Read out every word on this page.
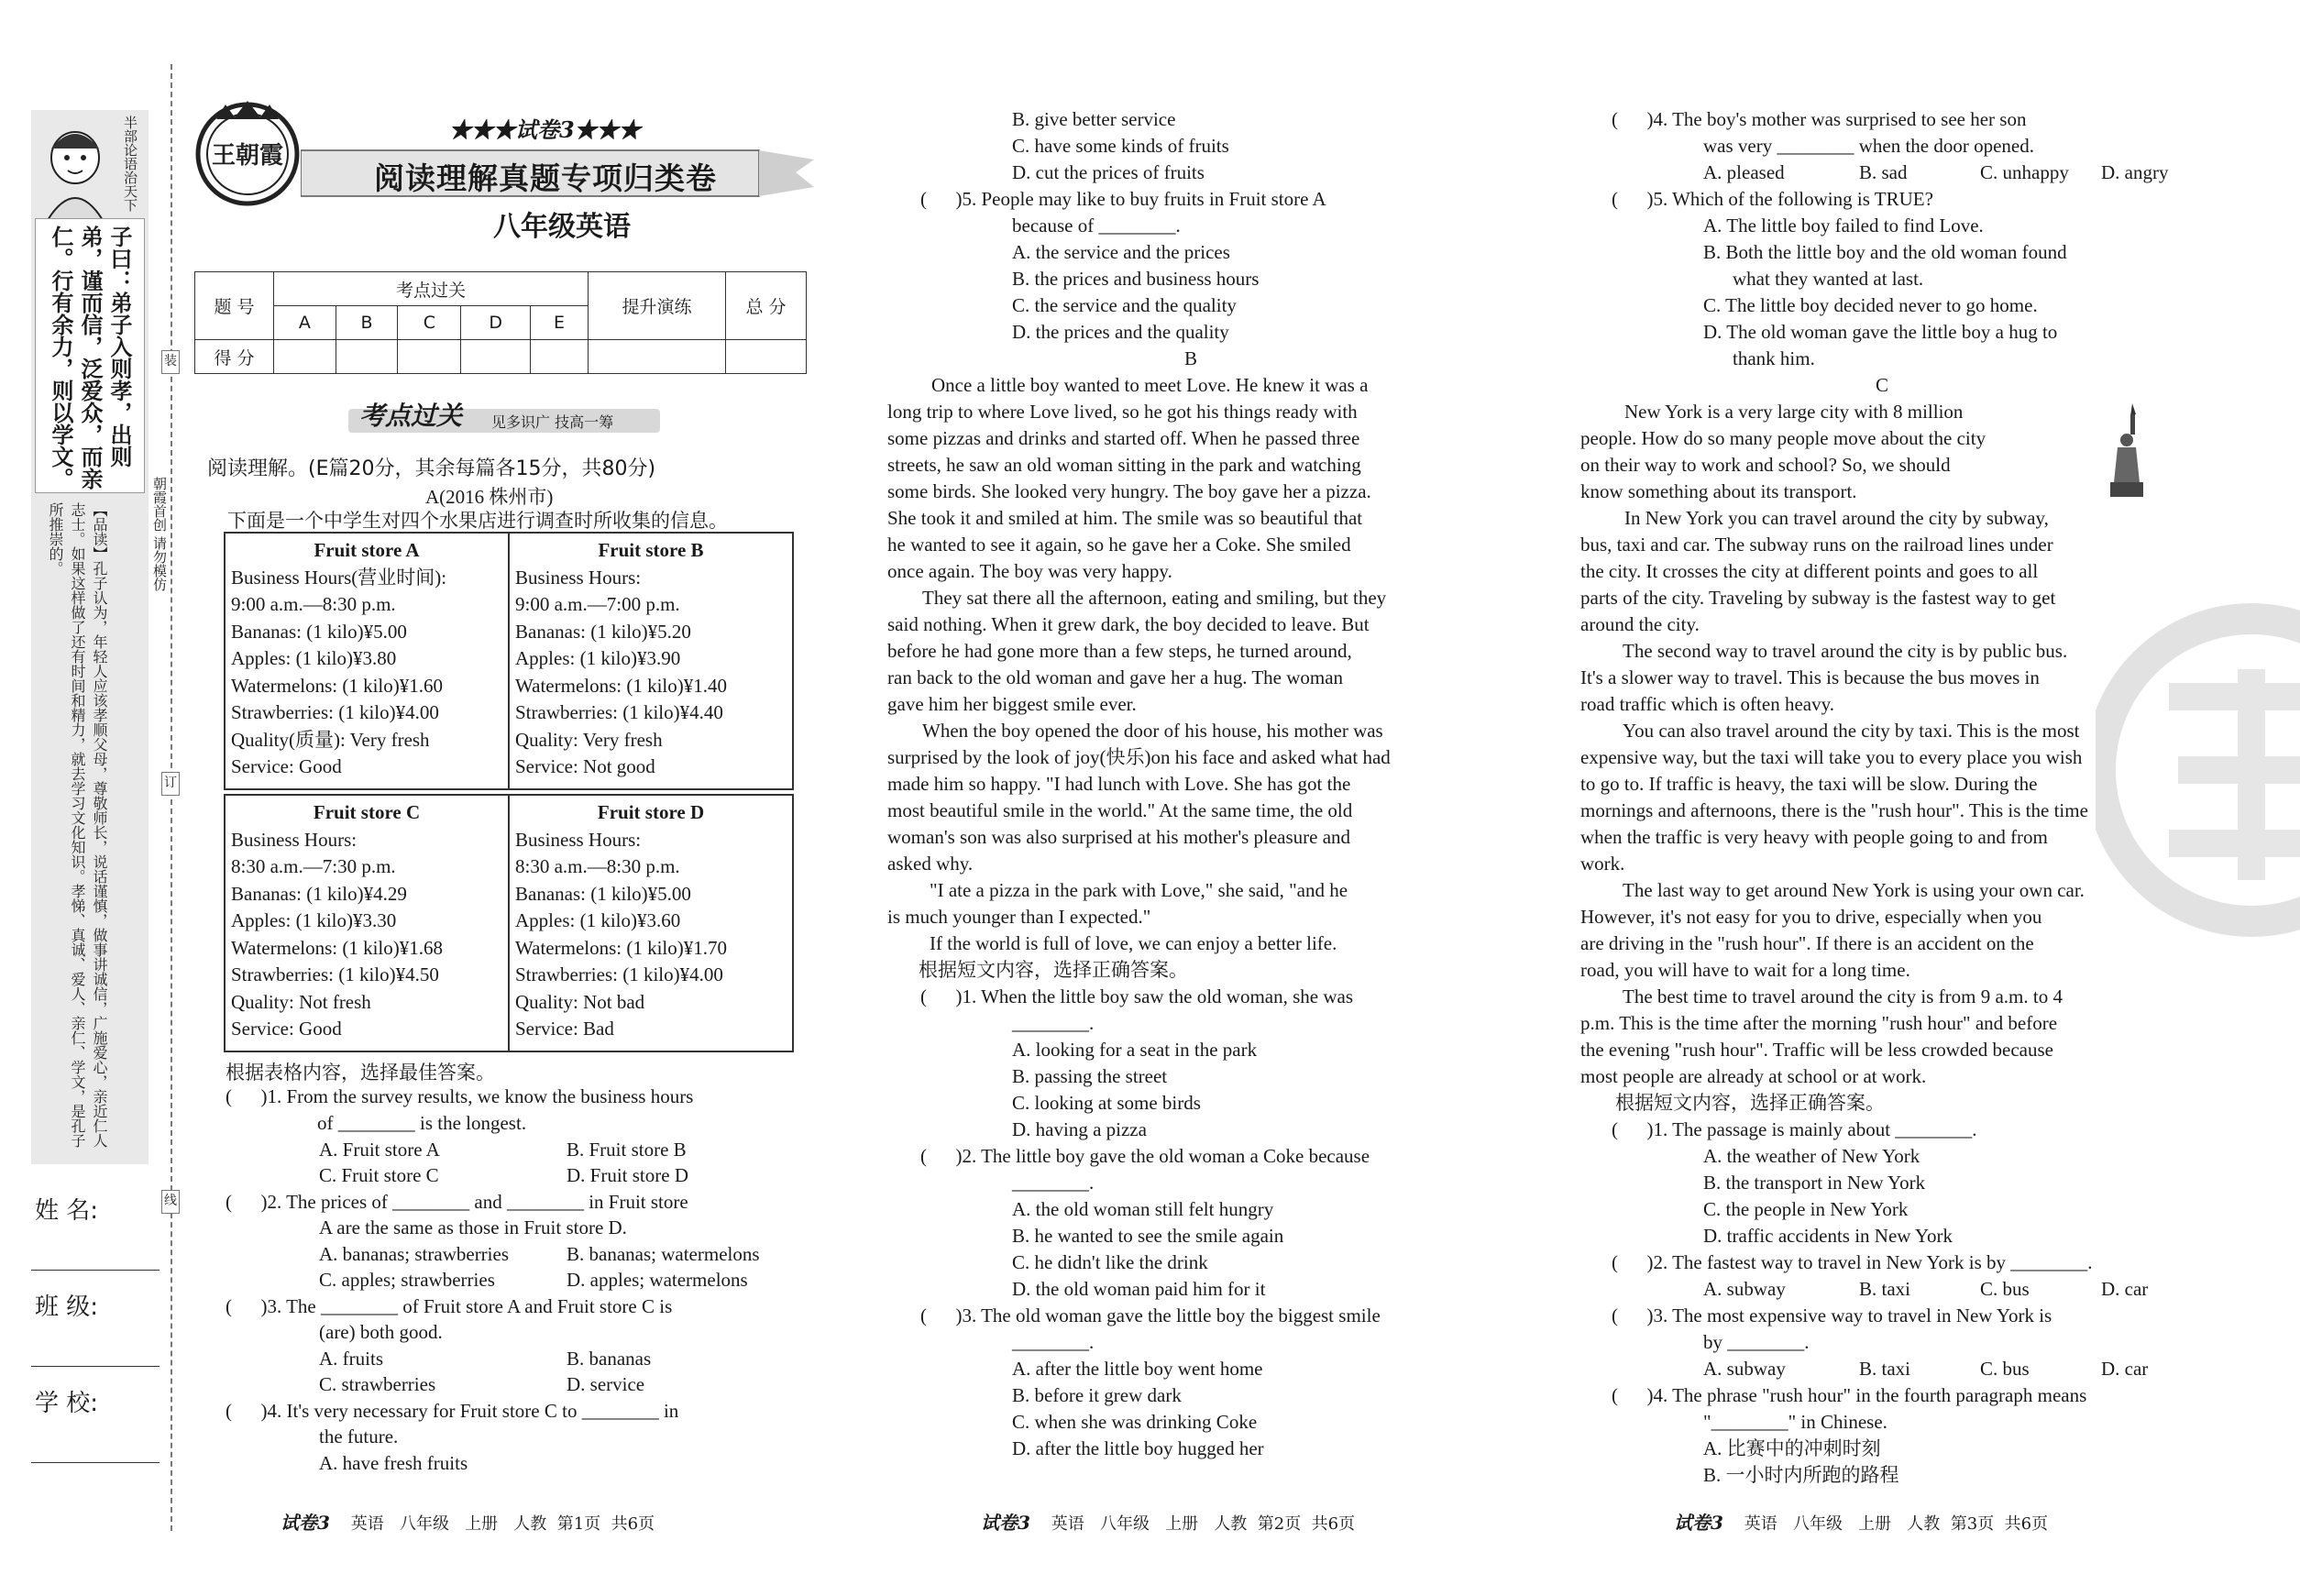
半部论语治天下
子曰：弟子入则孝，出则弟，谨而信，泛爱众，而亲仁。行有余力，则以学文。
【品读】孔子认为，年轻人应该孝顺父母，尊敬师长，说话谨慎，做事讲诚信，广施爱心，亲近仁人志士。如果这样做了还有时间和精力，就去学习文化知识。孝悌、真诚、爱人、亲仁、学文，是孔子所推崇的。
姓 名:
班 级:
学 校:
装
订
线
朝霞首创 请勿模仿
王朝霞
★★★试卷3★★★
阅读理解真题专项归类卷
八年级英语
题 号	考点过关					提升演练	总 分
	A	B	C	D	E		
得 分							
考点过关 见多识广 技高一筹
阅读理解。(E篇20分，其余每篇各15分，共80分)
A(2016 株州市)
下面是一个中学生对四个水果店进行调查时所收集的信息。
Fruit store A
Business Hours(营业时间):
9:00 a.m.—8:30 p.m.
Bananas: (1 kilo)¥5.00
Apples: (1 kilo)¥3.80
Watermelons: (1 kilo)¥1.60
Strawberries: (1 kilo)¥4.00
Quality(质量): Very fresh
Service: Good
Fruit store B
Business Hours:
9:00 a.m.—7:00 p.m.
Bananas: (1 kilo)¥5.20
Apples: (1 kilo)¥3.90
Watermelons: (1 kilo)¥1.40
Strawberries: (1 kilo)¥4.40
Quality: Very fresh
Service: Not good
Fruit store C
Business Hours:
8:30 a.m.—7:30 p.m.
Bananas: (1 kilo)¥4.29
Apples: (1 kilo)¥3.30
Watermelons: (1 kilo)¥1.68
Strawberries: (1 kilo)¥4.50
Quality: Not fresh
Service: Good
Fruit store D
Business Hours:
8:30 a.m.—8:30 p.m.
Bananas: (1 kilo)¥5.00
Apples: (1 kilo)¥3.60
Watermelons: (1 kilo)¥1.70
Strawberries: (1 kilo)¥4.00
Quality: Not bad
Service: Bad
根据表格内容，选择最佳答案。
(      )1. From the survey results, we know the business hours
of ________ is the longest.
A. Fruit store A	B. Fruit store B
C. Fruit store C	D. Fruit store D
(      )2. The prices of ________ and ________ in Fruit store
A are the same as those in Fruit store D.
A. bananas; strawberries	B. bananas; watermelons
C. apples; strawberries	D. apples; watermelons
(      )3. The ________ of Fruit store A and Fruit store C is
(are) both good.
A. fruits	B. bananas
C. strawberries	D. service
(      )4. It's very necessary for Fruit store C to ________ in
the future.
A. have fresh fruits
试卷3    英语   八年级   上册   人教  第1页  共6页
B. give better service
C. have some kinds of fruits
D. cut the prices of fruits
(      )5. People may like to buy fruits in Fruit store A
because of ________.
A. the service and the prices
B. the prices and business hours
C. the service and the quality
D. the prices and the quality
B
Once a little boy wanted to meet Love. He knew it was a
long trip to where Love lived, so he got his things ready with
some pizzas and drinks and started off. When he passed three
streets, he saw an old woman sitting in the park and watching
some birds. She looked very hungry. The boy gave her a pizza.
She took it and smiled at him. The smile was so beautiful that
he wanted to see it again, so he gave her a Coke. She smiled
once again. The boy was very happy.
They sat there all the afternoon, eating and smiling, but they
said nothing. When it grew dark, the boy decided to leave. But
before he had gone more than a few steps, he turned around,
ran back to the old woman and gave her a hug. The woman
gave him her biggest smile ever.
When the boy opened the door of his house, his mother was
surprised by the look of joy(快乐)on his face and asked what had
made him so happy. "I had lunch with Love. She has got the
most beautiful smile in the world." At the same time, the old
woman's son was also surprised at his mother's pleasure and
asked why.
"I ate a pizza in the park with Love," she said, "and he
is much younger than I expected."
If the world is full of love, we can enjoy a better life.
根据短文内容，选择正确答案。
(      )1. When the little boy saw the old woman, she was
________.
A. looking for a seat in the park
B. passing the street
C. looking at some birds
D. having a pizza
(      )2. The little boy gave the old woman a Coke because
________.
A. the old woman still felt hungry
B. he wanted to see the smile again
C. he didn't like the drink
D. the old woman paid him for it
(      )3. The old woman gave the little boy the biggest smile
________.
A. after the little boy went home
B. before it grew dark
C. when she was drinking Coke
D. after the little boy hugged her
试卷3    英语   八年级   上册   人教  第2页  共6页
(      )4. The boy's mother was surprised to see her son
was very ________ when the door opened.
A. pleased	B. sad	C. unhappy D. angry
(      )5. Which of the following is TRUE?
A. The little boy failed to find Love.
B. Both the little boy and the old woman found
what they wanted at last.
C. The little boy decided never to go home.
D. The old woman gave the little boy a hug to
thank him.
C
New York is a very large city with 8 million
people. How do so many people move about the city
on their way to work and school? So, we should
know something about its transport.
In New York you can travel around the city by subway,
bus, taxi and car. The subway runs on the railroad lines under
the city. It crosses the city at different points and goes to all
parts of the city. Traveling by subway is the fastest way to get
around the city.
The second way to travel around the city is by public bus.
It's a slower way to travel. This is because the bus moves in
road traffic which is often heavy.
You can also travel around the city by taxi. This is the most
expensive way, but the taxi will take you to every place you wish
to go to. If traffic is heavy, the taxi will be slow. During the
mornings and afternoons, there is the "rush hour". This is the time
when the traffic is very heavy with people going to and from
work.
The last way to get around New York is using your own car.
However, it's not easy for you to drive, especially when you
are driving in the "rush hour". If there is an accident on the
road, you will have to wait for a long time.
The best time to travel around the city is from 9 a.m. to 4
p.m. This is the time after the morning "rush hour" and before
the evening "rush hour". Traffic will be less crowded because
most people are already at school or at work.
根据短文内容，选择正确答案。
(      )1. The passage is mainly about ________.
A. the weather of New York
B. the transport in New York
C. the people in New York
D. traffic accidents in New York
(      )2. The fastest way to travel in New York is by ________.
A. subway	B. taxi	C. bus	D. car
(      )3. The most expensive way to travel in New York is
by ________.
A. subway	B. taxi	C. bus	D. car
(      )4. The phrase "rush hour" in the fourth paragraph means
"________" in Chinese.
A. 比赛中的冲刺时刻
B. 一小时内所跑的路程
试卷3    英语   八年级   上册   人教  第3页  共6页
